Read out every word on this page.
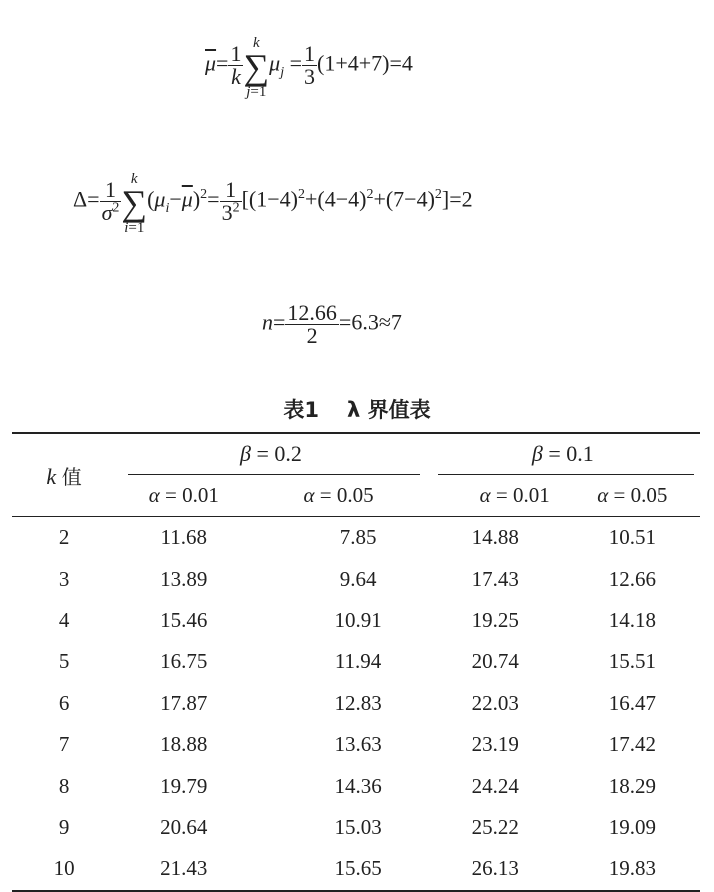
$\overline{\mu}= \frac{1}{k}$ k
∑
j=1
$\mu_j = \frac{1}{3} (1+4+7)=4$
$\Delta= \frac{1}{\sigma^2}$ k
∑
i=1
$(\mu_i-\overline{\mu})^2= \frac{1}{3^2} [(1-4)^2+(4-4)^2+(7-4)^2]=2$
$n= \frac{12.66}{2} =6.3\approx 7$
表1 λ 界值表
k 值	β = 0.2		β = 0.1	

	α = 0.01	α = 0.05	α = 0.01	α = 0.05
2	11.68	7.85	14.88	10.51
3	13.89	9.64	17.43	12.66
4	15.46	10.91	19.25	14.18
5	16.75	11.94	20.74	15.51
6	17.87	12.83	22.03	16.47
7	18.88	13.63	23.19	17.42
8	19.79	14.36	24.24	18.29
9	20.64	15.03	25.22	19.09
10	21.43	15.65	26.13	19.83
